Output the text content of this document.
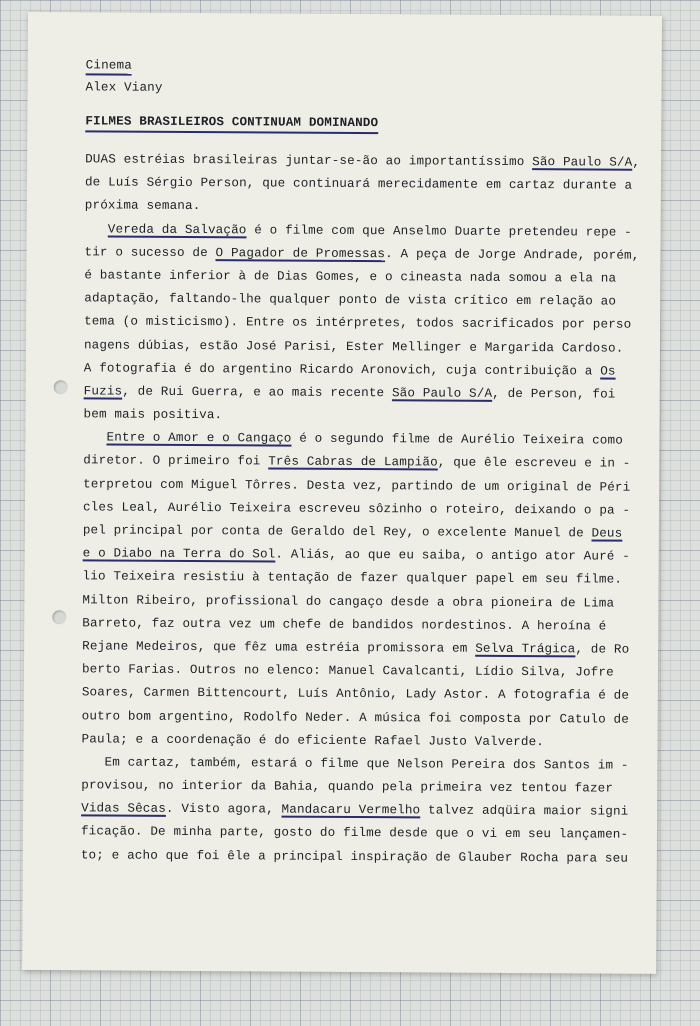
Cinema
Alex Viany
FILMES BRASILEIROS CONTINUAM DOMINANDO
DUAS estréias brasileiras juntar-se-ão ao importantíssimo São Paulo S/A,
de Luís Sérgio Person, que continuará merecidamente em cartaz durante a
próxima semana.
Vereda da Salvação é o filme com que Anselmo Duarte pretendeu repe -
tir o sucesso de O Pagador de Promessas. A peça de Jorge Andrade, porém,
é bastante inferior à de Dias Gomes, e o cineasta nada somou a ela na
adaptação, faltando-lhe qualquer ponto de vista crítico em relação ao
tema (o misticismo). Entre os intérpretes, todos sacrificados por perso
nagens dúbias, estão José Parisi, Ester Mellinger e Margarida Cardoso.
A fotografia é do argentino Ricardo Aronovich, cuja contribuição a Os
Fuzis, de Rui Guerra, e ao mais recente São Paulo S/A, de Person, foi
bem mais positiva.
Entre o Amor e o Cangaço é o segundo filme de Aurélio Teixeira como
diretor. O primeiro foi Três Cabras de Lampião, que êle escreveu e in -
terpretou com Miguel Tôrres. Desta vez, partindo de um original de Péri
cles Leal, Aurélio Teixeira escreveu sôzinho o roteiro, deixando o pa -
pel principal por conta de Geraldo del Rey, o excelente Manuel de Deus
e o Diabo na Terra do Sol. Aliás, ao que eu saiba, o antigo ator Auré -
lio Teixeira resistiu à tentação de fazer qualquer papel em seu filme.
Milton Ribeiro, profissional do cangaço desde a obra pioneira de Lima
Barreto, faz outra vez um chefe de bandidos nordestinos. A heroína é
Rejane Medeiros, que fêz uma estréia promissora em Selva Trágica, de Ro
berto Farias. Outros no elenco: Manuel Cavalcanti, Lídio Silva, Jofre
Soares, Carmen Bittencourt, Luís Antônio, Lady Astor. A fotografia é de
outro bom argentino, Rodolfo Neder. A música foi composta por Catulo de
Paula; e a coordenação é do eficiente Rafael Justo Valverde.
Em cartaz, também, estará o filme que Nelson Pereira dos Santos im -
provisou, no interior da Bahia, quando pela primeira vez tentou fazer
Vidas Sêcas. Visto agora, Mandacaru Vermelho talvez adqüira maior signi
ficação. De minha parte, gosto do filme desde que o vi em seu lançamen-
to; e acho que foi êle a principal inspiração de Glauber Rocha para seu
